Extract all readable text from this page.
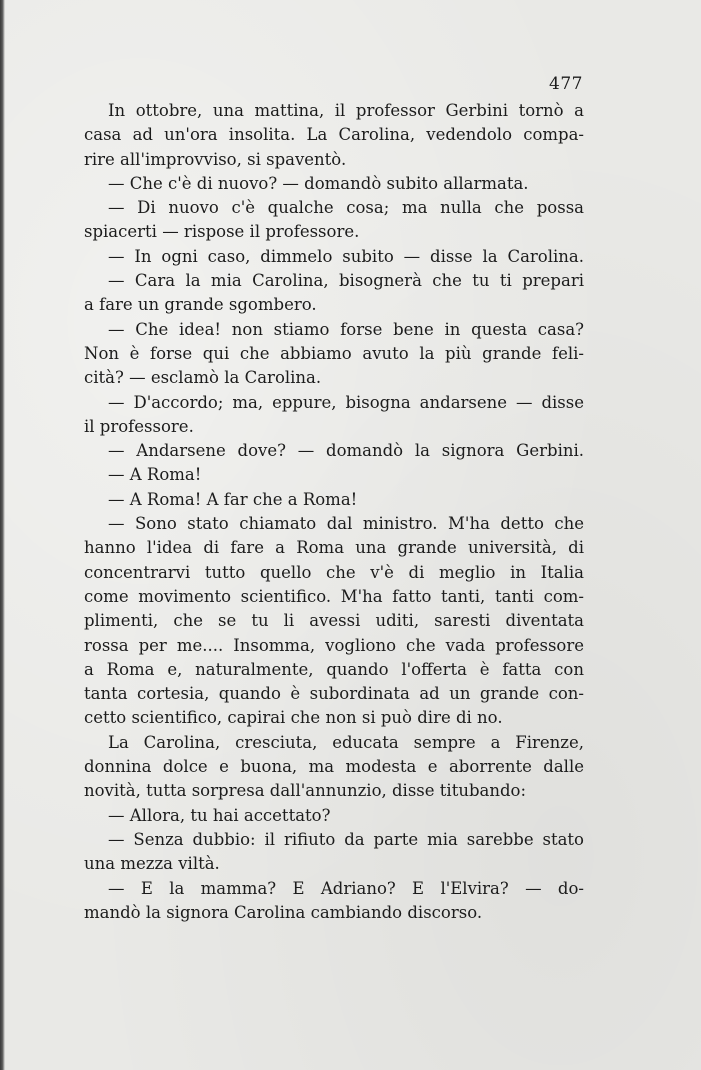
477
In ottobre, una mattina, il professor Gerbini tornò a
casa ad un'ora insolita. La Carolina, vedendolo compa-
rire all'improvviso, si spaventò.
— Che c'è di nuovo? — domandò subito allarmata.
— Di nuovo c'è qualche cosa; ma nulla che possa
spiacerti — rispose il professore.
— In ogni caso, dimmelo subito — disse la Carolina.
— Cara la mia Carolina, bisognerà che tu ti prepari
a fare un grande sgombero.
— Che idea! non stiamo forse bene in questa casa?
Non è forse qui che abbiamo avuto la più grande feli-
cità? — esclamò la Carolina.
— D'accordo; ma, eppure, bisogna andarsene — disse
il professore.
— Andarsene dove? — domandò la signora Gerbini.
— A Roma!
— A Roma! A far che a Roma!
— Sono stato chiamato dal ministro. M'ha detto che
hanno l'idea di fare a Roma una grande università, di
concentrarvi tutto quello che v'è di meglio in Italia
come movimento scientifico. M'ha fatto tanti, tanti com-
plimenti, che se tu li avessi uditi, saresti diventata
rossa per me.... Insomma, vogliono che vada professore
a Roma e, naturalmente, quando l'offerta è fatta con
tanta cortesia, quando è subordinata ad un grande con-
cetto scientifico, capirai che non si può dire di no.
La Carolina, cresciuta, educata sempre a Firenze,
donnina dolce e buona, ma modesta e aborrente dalle
novità, tutta sorpresa dall'annunzio, disse titubando:
— Allora, tu hai accettato?
— Senza dubbio: il rifiuto da parte mia sarebbe stato
una mezza viltà.
— E la mamma? E Adriano? E l'Elvira? — do-
mandò la signora Carolina cambiando discorso.
